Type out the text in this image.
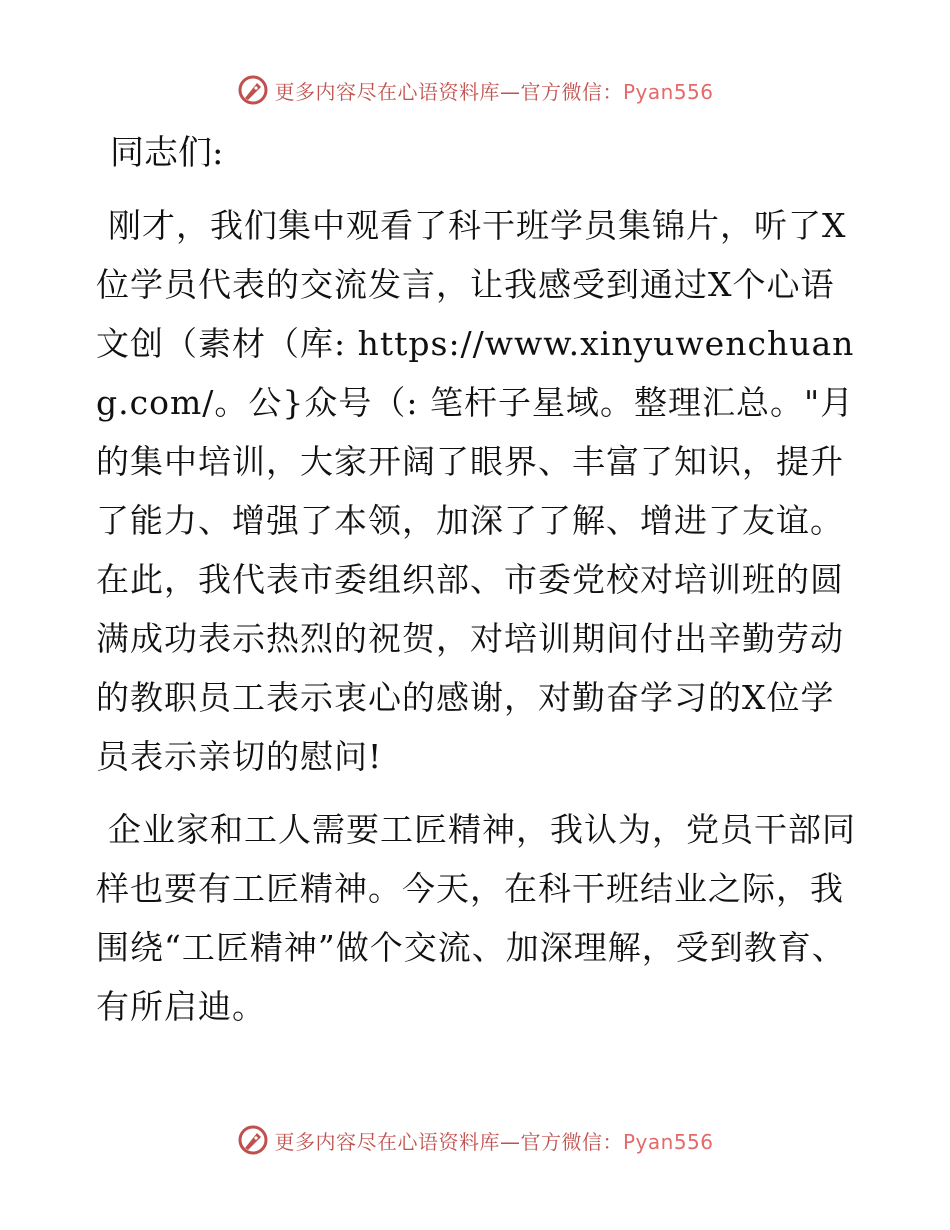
更多内容尽在心语资料库—官方微信：Pyan556
同志们:

刚才，我们集中观看了科干班学员集锦片，听了X位学员代表的交流发言，让我感受到通过X个心语文创（素材（库: https://www.xinyuwenchuang.com/。公}众号（: 笔杆子星域。整理汇总。"月的集中培训，大家开阔了眼界、丰富了知识，提升了能力、增强了本领，加深了了解、增进了友谊。在此，我代表市委组织部、市委党校对培训班的圆满成功表示热烈的祝贺，对培训期间付出辛勤劳动的教职员工表示衷心的感谢，对勤奋学习的X位学员表示亲切的慰问!

企业家和工人需要工匠精神，我认为，党员干部同样也要有工匠精神。今天，在科干班结业之际，我围绕“工匠精神”做个交流、加深理解，受到教育、有所启迪。

更多内容尽在心语资料库—官方微信：Pyan556
